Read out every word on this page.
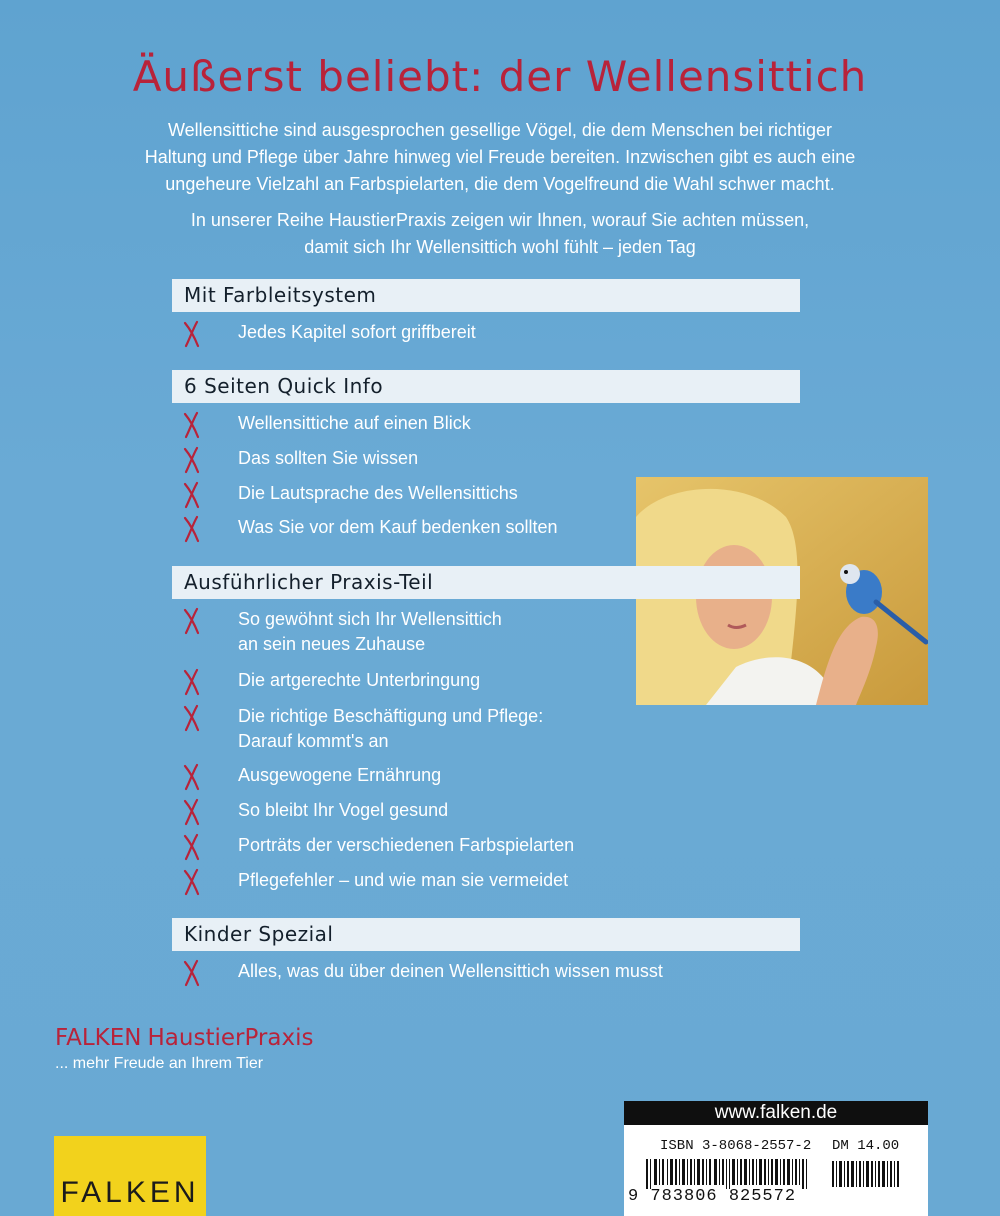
Äußerst beliebt: der Wellensittich
Wellensittiche sind ausgesprochen gesellige Vögel, die dem Menschen bei richtiger
Haltung und Pflege über Jahre hinweg viel Freude bereiten. Inzwischen gibt es auch eine
ungeheure Vielzahl an Farbspielarten, die dem Vogelfreund die Wahl schwer macht.
In unserer Reihe HaustierPraxis zeigen wir Ihnen, worauf Sie achten müssen,
damit sich Ihr Wellensittich wohl fühlt – jeden Tag
Mit Farbleitsystem
Jedes Kapitel sofort griffbereit
6 Seiten Quick Info
Wellensittiche auf einen Blick
Das sollten Sie wissen
Die Lautsprache des Wellensittichs
Was Sie vor dem Kauf bedenken sollten
Ausführlicher Praxis-Teil
So gewöhnt sich Ihr Wellensittich
an sein neues Zuhause
Die artgerechte Unterbringung
Die richtige Beschäftigung und Pflege:
Darauf kommt's an
Ausgewogene Ernährung
So bleibt Ihr Vogel gesund
Porträts der verschiedenen Farbspielarten
Pflegefehler – und wie man sie vermeidet
Kinder Spezial
Alles, was du über deinen Wellensittich wissen musst
FALKEN HaustierPraxis
... mehr Freude an Ihrem Tier
FALKEN
www.falken.de
ISBN 3-8068-2557-2 DM 14.00
9 783806 825572
